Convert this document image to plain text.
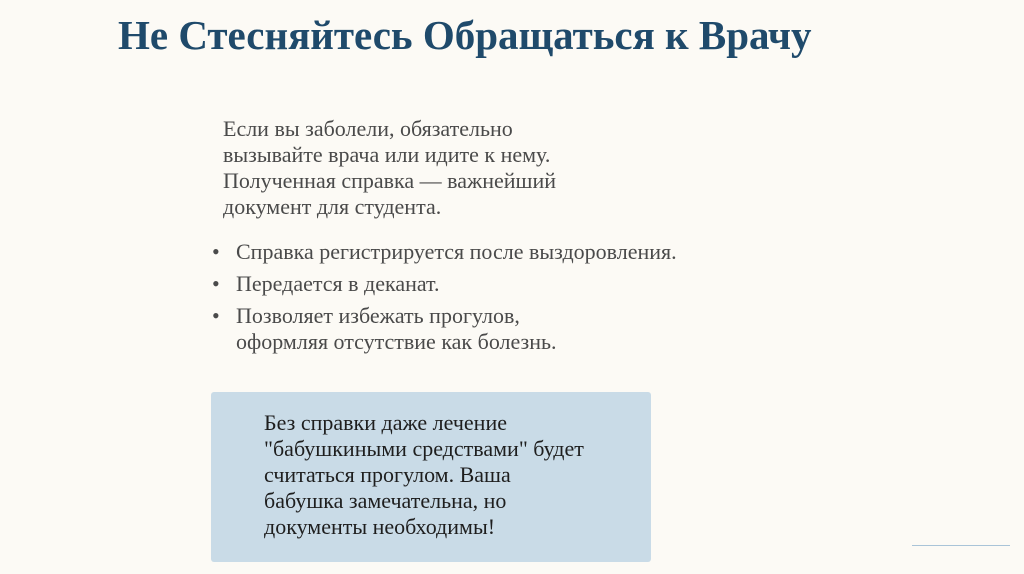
Не Стесняйтесь Обращаться к Врачу
Если вы заболели, обязательно
вызывайте врача или идите к нему.
Полученная справка — важнейший
документ для студента.
• Справка регистрируется после выздоровления.
• Передается в деканат.
• Позволяет избежать прогулов,
оформляя отсутствие как болезнь.
Без справки даже лечение
"бабушкиными средствами" будет
считаться прогулом. Ваша
бабушка замечательна, но
документы необходимы!
